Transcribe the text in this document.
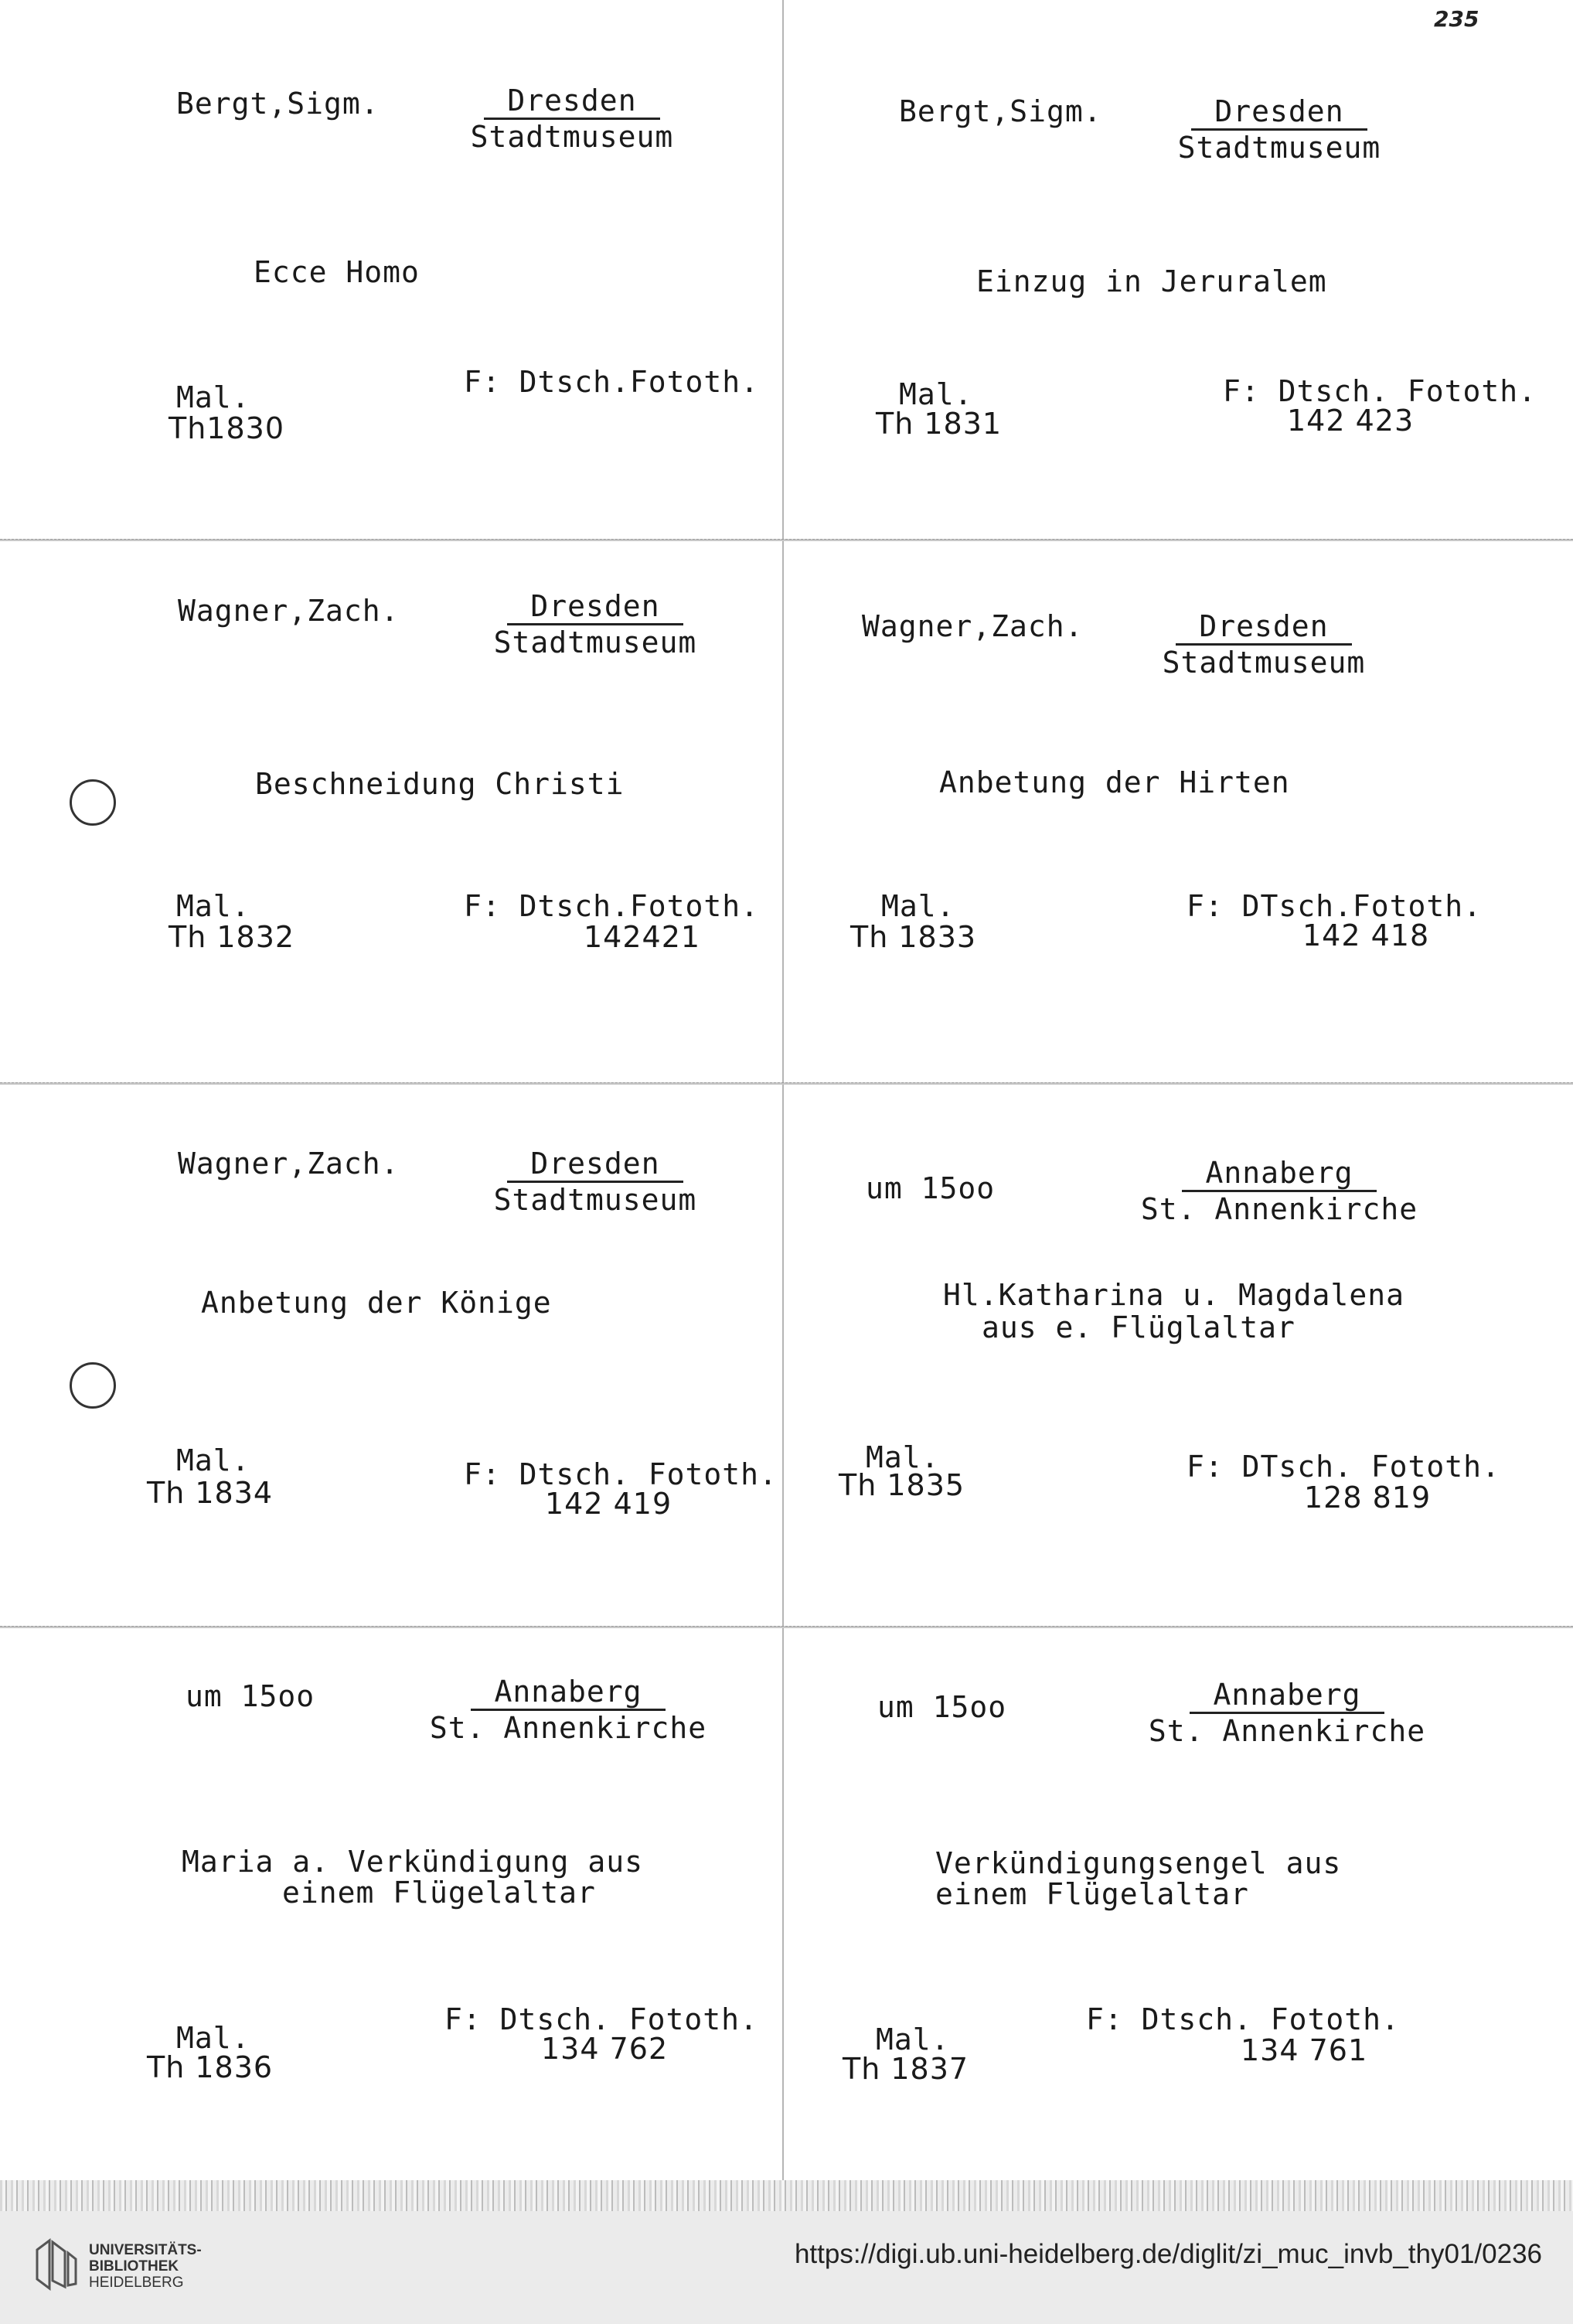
235
Bergt,Sigm.	Dresden
Stadtmuseum
Ecce Homo
Mal.
Th1830
F: Dtsch.Fototh.
Bergt,Sigm.	Dresden
Stadtmuseum
Einzug in Jeruralem
Mal.
Th 1831
F: Dtsch. Fototh.
142 423
Wagner,Zach.	Dresden
Stadtmuseum
Beschneidung Christi
Mal.
Th 1832
F: Dtsch.Fototh.
142421
Wagner,Zach.	Dresden
Stadtmuseum
Anbetung der Hirten
Mal.
Th 1833
F: DTsch.Fototh.
142 418
Wagner,Zach.	Dresden
Stadtmuseum
Anbetung der Könige
Mal.
Th 1834
F: Dtsch. Fototh.
142 419
um 15oo	Annaberg
St. Annenkirche
Hl.Katharina u. Magdalena
aus e. Flüglaltar
Mal.
Th 1835
F: DTsch. Fototh.
128 819
um 15oo	Annaberg
St. Annenkirche
Maria a. Verkündigung aus
einem Flügelaltar
Mal.
Th 1836
F: Dtsch. Fototh.
134 762
um 15oo	Annaberg
St. Annenkirche
Verkündigungsengel aus
einem Flügelaltar
Mal.
Th 1837
F: Dtsch. Fototh.
134 761
UNIVERSITÄTS-
BIBLIOTHEK
HEIDELBERG
https://digi.ub.uni-heidelberg.de/diglit/zi_muc_invb_thy01/0236
